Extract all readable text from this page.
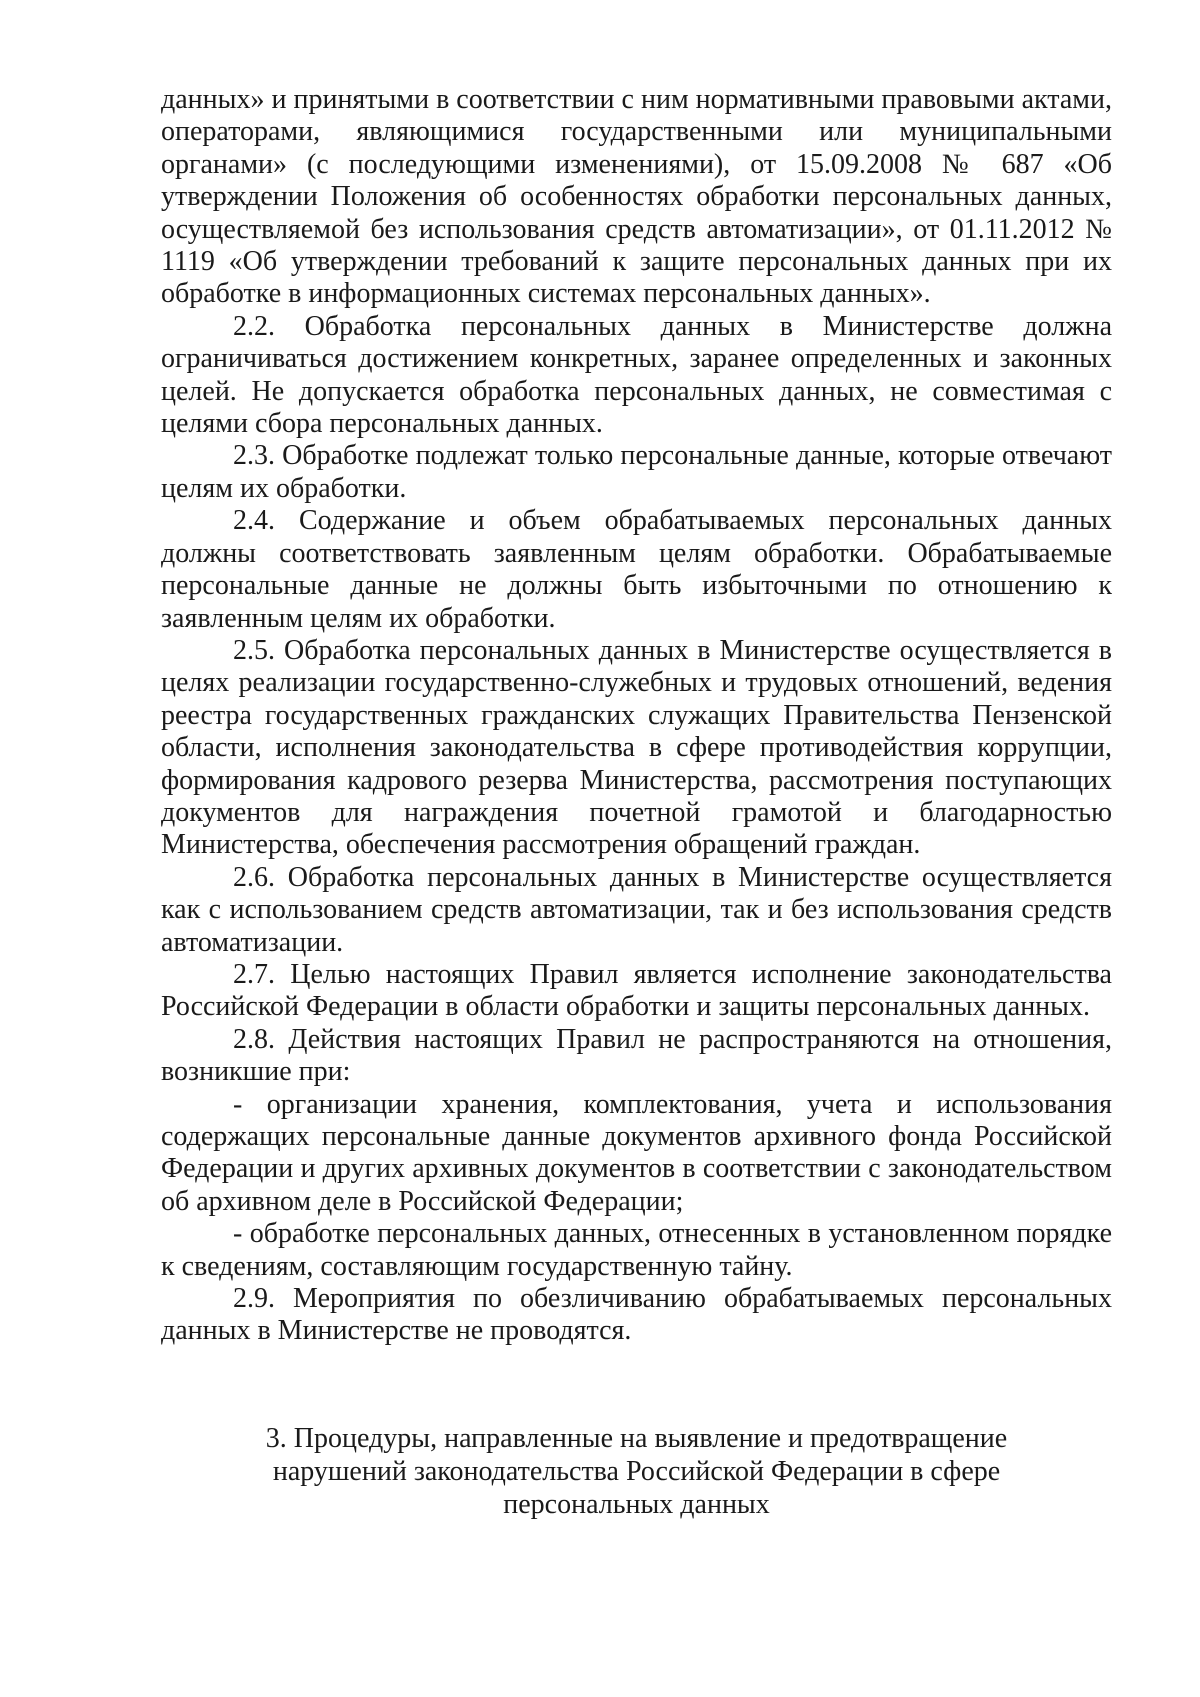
данных» и принятыми в соответствии с ним нормативными правовыми актами, операторами, являющимися государственными или муниципальными органами» (с последующими изменениями), от 15.09.2008 № 687 «Об утверждении Положения об особенностях обработки персональных данных, осуществляемой без использования средств автоматизации», от 01.11.2012 № 1119 «Об утверждении требований к защите персональных данных при их обработке в информационных системах персональных данных».

2.2. Обработка персональных данных в Министерстве должна ограничиваться достижением конкретных, заранее определенных и законных целей. Не допускается обработка персональных данных, не совместимая с целями сбора персональных данных.

2.3. Обработке подлежат только персональные данные, которые отвечают целям их обработки.

2.4. Содержание и объем обрабатываемых персональных данных должны соответствовать заявленным целям обработки. Обрабатываемые персональные данные не должны быть избыточными по отношению к заявленным целям их обработки.

2.5. Обработка персональных данных в Министерстве осуществляется в целях реализации государственно-служебных и трудовых отношений, ведения реестра государственных гражданских служащих Правительства Пензенской области, исполнения законодательства в сфере противодействия коррупции, формирования кадрового резерва Министерства, рассмотрения поступающих документов для награждения почетной грамотой и благодарностью Министерства, обеспечения рассмотрения обращений граждан.

2.6. Обработка персональных данных в Министерстве осуществляется как с использованием средств автоматизации, так и без использования средств автоматизации.

2.7. Целью настоящих Правил является исполнение законодательства Российской Федерации в области обработки и защиты персональных данных.

2.8. Действия настоящих Правил не распространяются на отношения, возникшие при:

- организации хранения, комплектования, учета и использования содержащих персональные данные документов архивного фонда Российской Федерации и других архивных документов в соответствии с законодательством об архивном деле в Российской Федерации;

- обработке персональных данных, отнесенных в установленном порядке к сведениям, составляющим государственную тайну.

2.9. Мероприятия по обезличиванию обрабатываемых персональных данных в Министерстве не проводятся.

3. Процедуры, направленные на выявление и предотвращение
нарушений законодательства Российской Федерации в сфере
персональных данных
